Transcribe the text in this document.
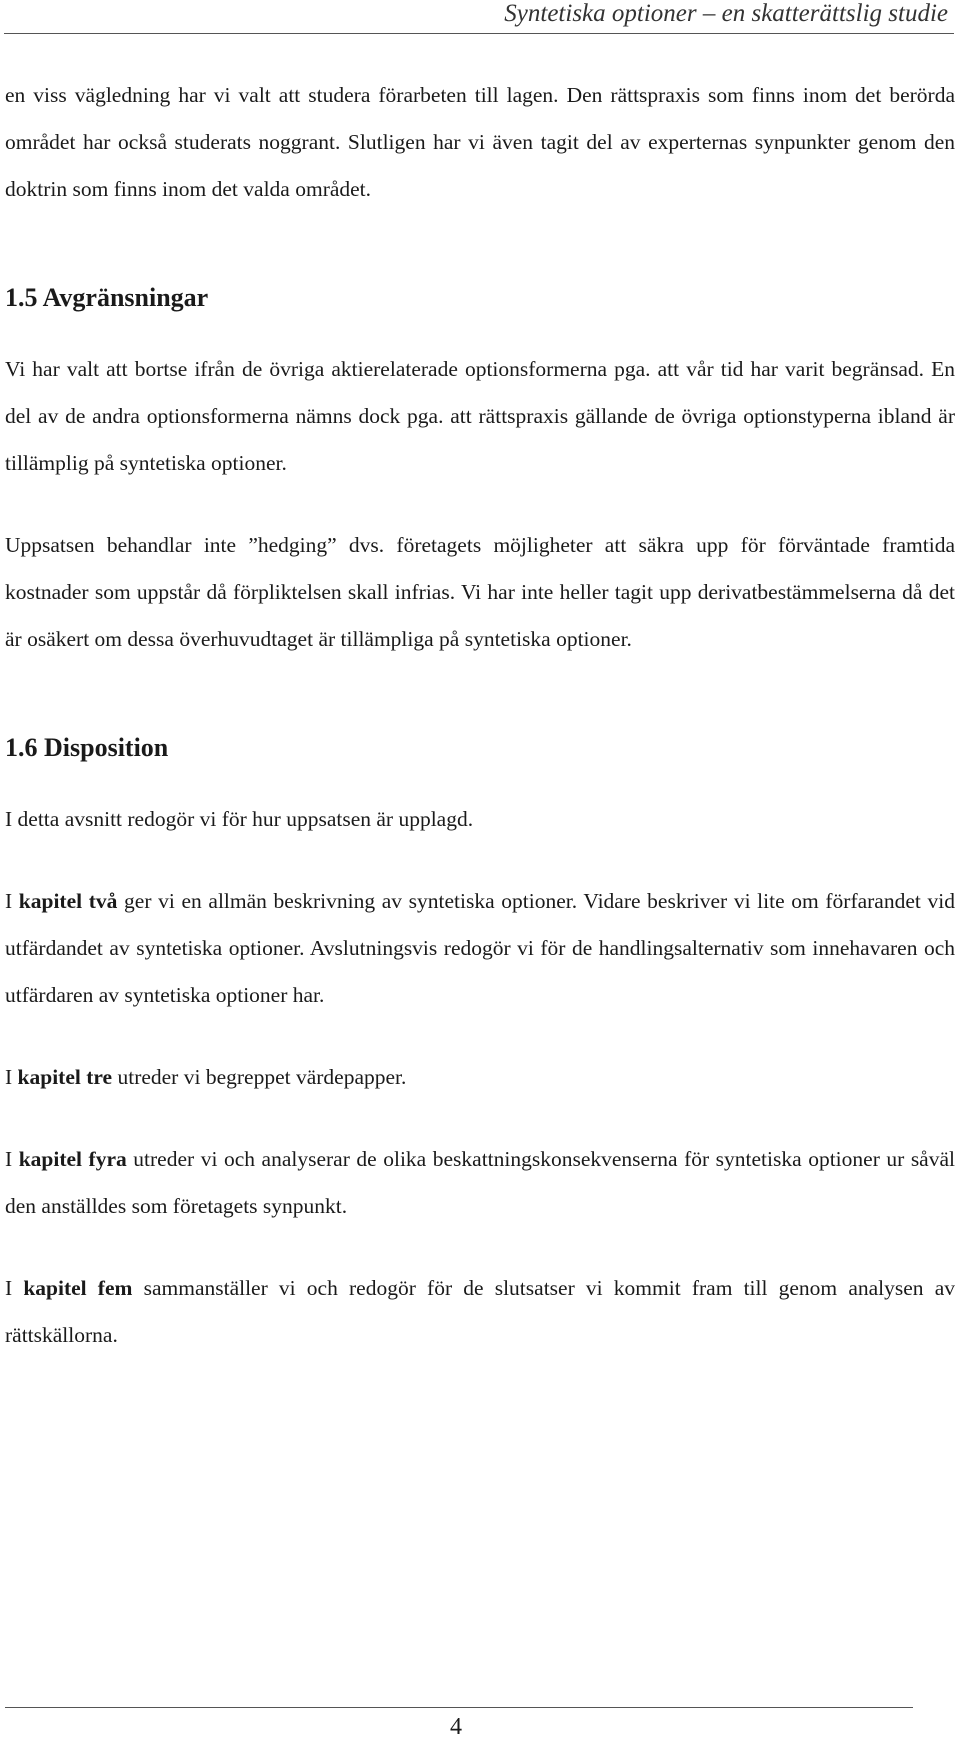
Syntetiska optioner – en skatterättslig studie

en viss vägledning har vi valt att studera förarbeten till lagen. Den rättspraxis som finns inom det berörda området har också studerats noggrant. Slutligen har vi även tagit del av experternas synpunkter genom den doktrin som finns inom det valda området.

1.5 Avgränsningar

Vi har valt att bortse ifrån de övriga aktierelaterade optionsformerna pga. att vår tid har varit begränsad. En del av de andra optionsformerna nämns dock pga. att rättspraxis gällande de övriga optionstyperna ibland är tillämplig på syntetiska optioner.

Uppsatsen behandlar inte ”hedging” dvs. företagets möjligheter att säkra upp för förväntade framtida kostnader som uppstår då förpliktelsen skall infrias. Vi har inte heller tagit upp derivatbestämmelserna då det är osäkert om dessa överhuvudtaget är tillämpliga på syntetiska optioner.

1.6 Disposition

I detta avsnitt redogör vi för hur uppsatsen är upplagd.

I kapitel två ger vi en allmän beskrivning av syntetiska optioner. Vidare beskriver vi lite om förfarandet vid utfärdandet av syntetiska optioner. Avslutningsvis redogör vi för de handlingsalternativ som innehavaren och utfärdaren av syntetiska optioner har.

I kapitel tre utreder vi begreppet värdepapper.

I kapitel fyra utreder vi och analyserar de olika beskattningskonsekvenserna för syntetiska optioner ur såväl den anställdes som företagets synpunkt.

I kapitel fem sammanställer vi och redogör för de slutsatser vi kommit fram till genom analysen av rättskällorna.

4
